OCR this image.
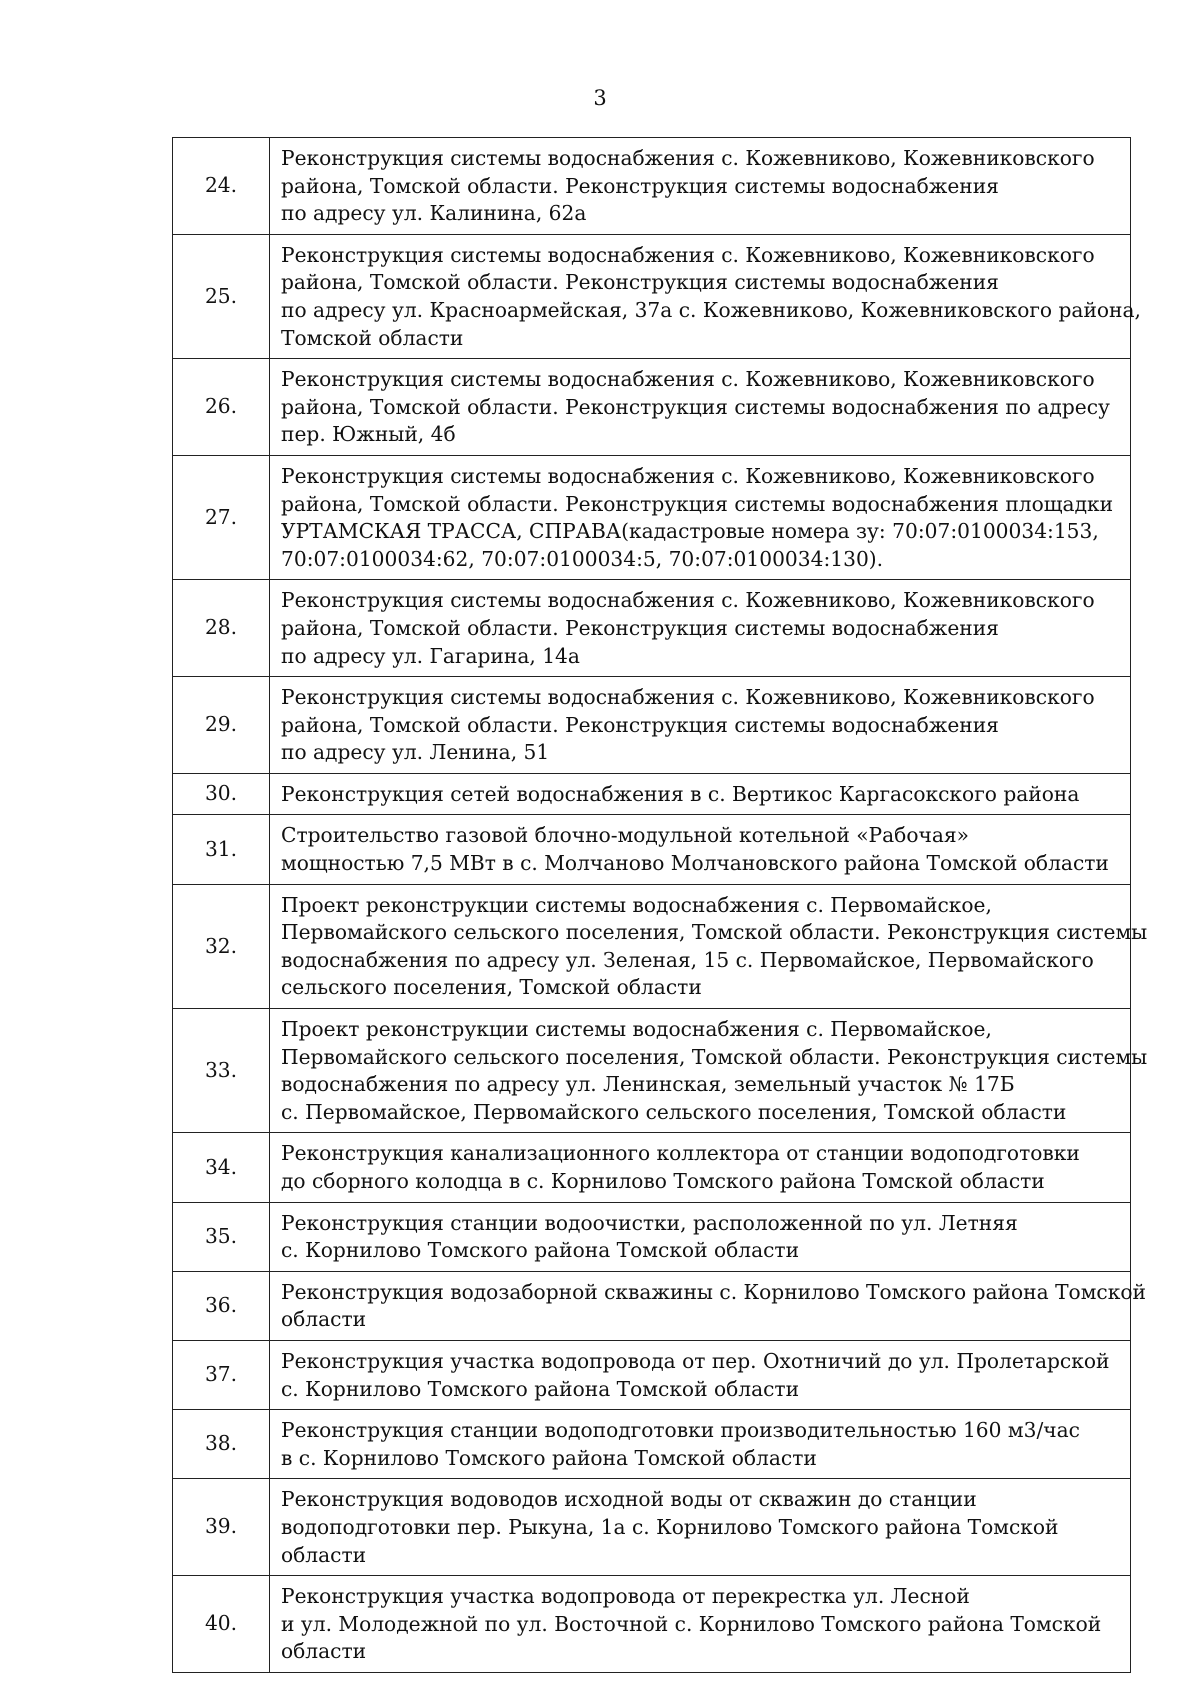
3
24.	Реконструкция системы водоснабжения с. Кожевниково, Кожевниковского
района, Томской области. Реконструкция системы водоснабжения
по адресу ул. Калинина, 62а

25.	Реконструкция системы водоснабжения с. Кожевниково, Кожевниковского
района, Томской области. Реконструкция системы водоснабжения
по адресу ул. Красноармейская, 37а с. Кожевниково, Кожевниковского района,
Томской области

26.	Реконструкция системы водоснабжения с. Кожевниково, Кожевниковского
района, Томской области. Реконструкция системы водоснабжения по адресу
пер. Южный, 4б

27.	Реконструкция системы водоснабжения с. Кожевниково, Кожевниковского
района, Томской области. Реконструкция системы водоснабжения площадки
УРТАМСКАЯ ТРАССА, СПРАВА(кадастровые номера зу: 70:07:0100034:153,
70:07:0100034:62, 70:07:0100034:5, 70:07:0100034:130).

28.	Реконструкция системы водоснабжения с. Кожевниково, Кожевниковского
района, Томской области. Реконструкция системы водоснабжения
по адресу ул. Гагарина, 14а

29.	Реконструкция системы водоснабжения с. Кожевниково, Кожевниковского
района, Томской области. Реконструкция системы водоснабжения
по адресу ул. Ленина, 51

30.	Реконструкция сетей водоснабжения в с. Вертикос Каргасокского района

31.	Строительство газовой блочно-модульной котельной «Рабочая»
мощностью 7,5 МВт в с. Молчаново Молчановского района Томской области

32.	Проект реконструкции системы водоснабжения с. Первомайское,
Первомайского сельского поселения, Томской области. Реконструкция системы
водоснабжения по адресу ул. Зеленая, 15 с. Первомайское, Первомайского
сельского поселения, Томской области

33.	Проект реконструкции системы водоснабжения с. Первомайское,
Первомайского сельского поселения, Томской области. Реконструкция системы
водоснабжения по адресу ул. Ленинская, земельный участок № 17Б
с. Первомайское, Первомайского сельского поселения, Томской области

34.	Реконструкция канализационного коллектора от станции водоподготовки
до сборного колодца в с. Корнилово Томского района Томской области

35.	Реконструкция станции водоочистки, расположенной по ул. Летняя
с. Корнилово Томского района Томской области

36.	Реконструкция водозаборной скважины с. Корнилово Томского района Томской
области

37.	Реконструкция участка водопровода от пер. Охотничий до ул. Пролетарской
с. Корнилово Томского района Томской области

38.	Реконструкция станции водоподготовки производительностью 160 м3/час
в с. Корнилово Томского района Томской области

39.	Реконструкция водоводов исходной воды от скважин до станции
водоподготовки пер. Рыкуна, 1а с. Корнилово Томского района Томской
области

40.	Реконструкция участка водопровода от перекрестка ул. Лесной
и ул. Молодежной по ул. Восточной с. Корнилово Томского района Томской
области
